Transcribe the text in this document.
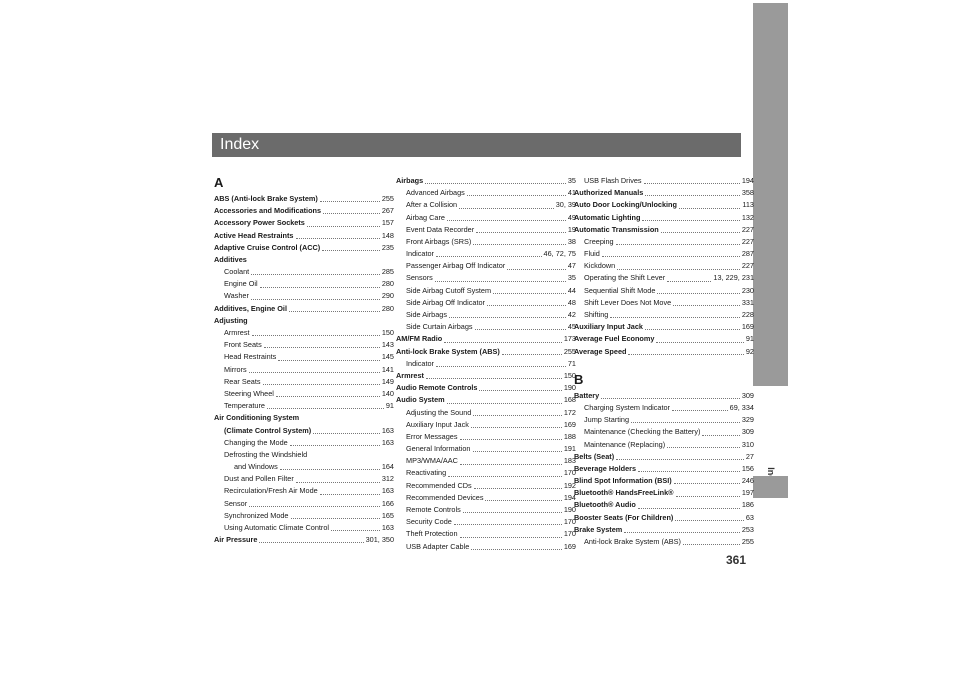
Index
361
A
ABS (Anti-lock Brake System)	255
Accessories and Modifications	267
Accessory Power Sockets	157
Active Head Restraints	148
Adaptive Cruise Control (ACC)	235
Additives
Coolant	285
Engine Oil	280
Washer	290
Additives, Engine Oil	280
Adjusting
Armrest	150
Front Seats	143
Head Restraints	145
Mirrors	141
Rear Seats	149
Steering Wheel	140
Temperature	91
Air Conditioning System
(Climate Control System)	163
Changing the Mode	163
Defrosting the Windshield
and Windows	164
Dust and Pollen Filter	312
Recirculation/Fresh Air Mode	163
Sensor	166
Synchronized Mode	165
Using Automatic Climate Control	163
Air Pressure	301, 350
Airbags	35
Advanced Airbags	41
After a Collision	30, 39
Airbag Care	49
Event Data Recorder	19
Front Airbags (SRS)	38
Indicator	46, 72, 75
Passenger Airbag Off Indicator	47
Sensors	35
Side Airbag Cutoff System	44
Side Airbag Off Indicator	48
Side Airbags	42
Side Curtain Airbags	45
AM/FM Radio	173
Anti-lock Brake System (ABS)	255
Indicator	71
Armrest	150
Audio Remote Controls	190
Audio System	168
Adjusting the Sound	172
Auxiliary Input Jack	169
Error Messages	188
General Information	191
MP3/WMA/AAC	183
Reactivating	170
Recommended CDs	192
Recommended Devices	194
Remote Controls	190
Security Code	170
Theft Protection	170
USB Adapter Cable	169
USB Flash Drives	194
Authorized Manuals	358
Auto Door Locking/Unlocking	113
Automatic Lighting	132
Automatic Transmission	227
Creeping	227
Fluid	287
Kickdown	227
Operating the Shift Lever	13, 229, 231
Sequential Shift Mode	230
Shift Lever Does Not Move	331
Shifting	228
Auxiliary Input Jack	169
Average Fuel Economy	91
Average Speed	92
B
Battery	309
Charging System Indicator	69, 334
Jump Starting	329
Maintenance (Checking the Battery)	309
Maintenance (Replacing)	310
Belts (Seat)	27
Beverage Holders	156
Blind Spot Information (BSI)	246
Bluetooth® HandsFreeLink®	197
Bluetooth® Audio	186
Booster Seats (For Children)	63
Brake System	253
Anti-lock Brake System (ABS)	255
